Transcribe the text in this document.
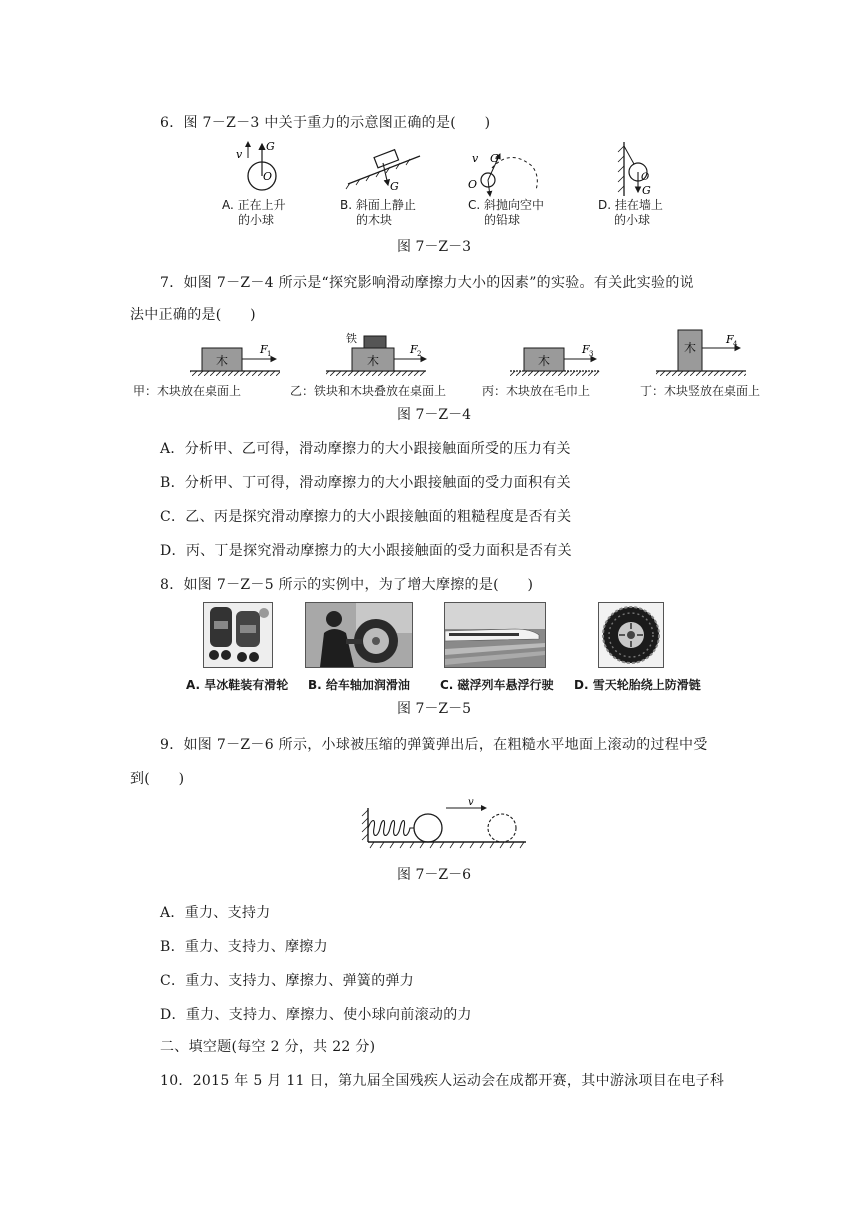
6．图 7－Z－3 中关于重力的示意图正确的是(　　)
G
v
O
G
v G
O
O
G
A. 正在上升
的小球
B. 斜面上静止
的木块
C. 斜抛向空中
的铅球
D. 挂在墙上
的小球
图 7－Z－3
7．如图 7－Z－4 所示是“探究影响滑动摩擦力大小的因素”的实验。有关此实验的说
法中正确的是(　　)
木
F 1
铁
木
F 2	木
F 3	木
F 4
甲：木块放在桌面上	乙：铁块和木块叠放在桌面上	丙：木块放在毛巾上	丁：木块竖放在桌面上
图 7－Z－4
A．分析甲、乙可得，滑动摩擦力的大小跟接触面所受的压力有关
B．分析甲、丁可得，滑动摩擦力的大小跟接触面的受力面积有关
C．乙、丙是探究滑动摩擦力的大小跟接触面的粗糙程度是否有关
D．丙、丁是探究滑动摩擦力的大小跟接触面的受力面积是否有关
8．如图 7－Z－5 所示的实例中，为了增大摩擦的是(　　)
A. 旱冰鞋装有滑轮 B. 给车轴加润滑油	C. 磁浮列车悬浮行驶 D. 雪天轮胎绕上防滑链
图 7－Z－5
9．如图 7－Z－6 所示，小球被压缩的弹簧弹出后，在粗糙水平地面上滚动的过程中受
到(　　)
v
图 7－Z－6
A．重力、支持力
B．重力、支持力、摩擦力
C．重力、支持力、摩擦力、弹簧的弹力
D．重力、支持力、摩擦力、使小球向前滚动的力
二、填空题(每空 2 分，共 22 分)
10．2015 年 5 月 11 日，第九届全国残疾人运动会在成都开赛，其中游泳项目在电子科
